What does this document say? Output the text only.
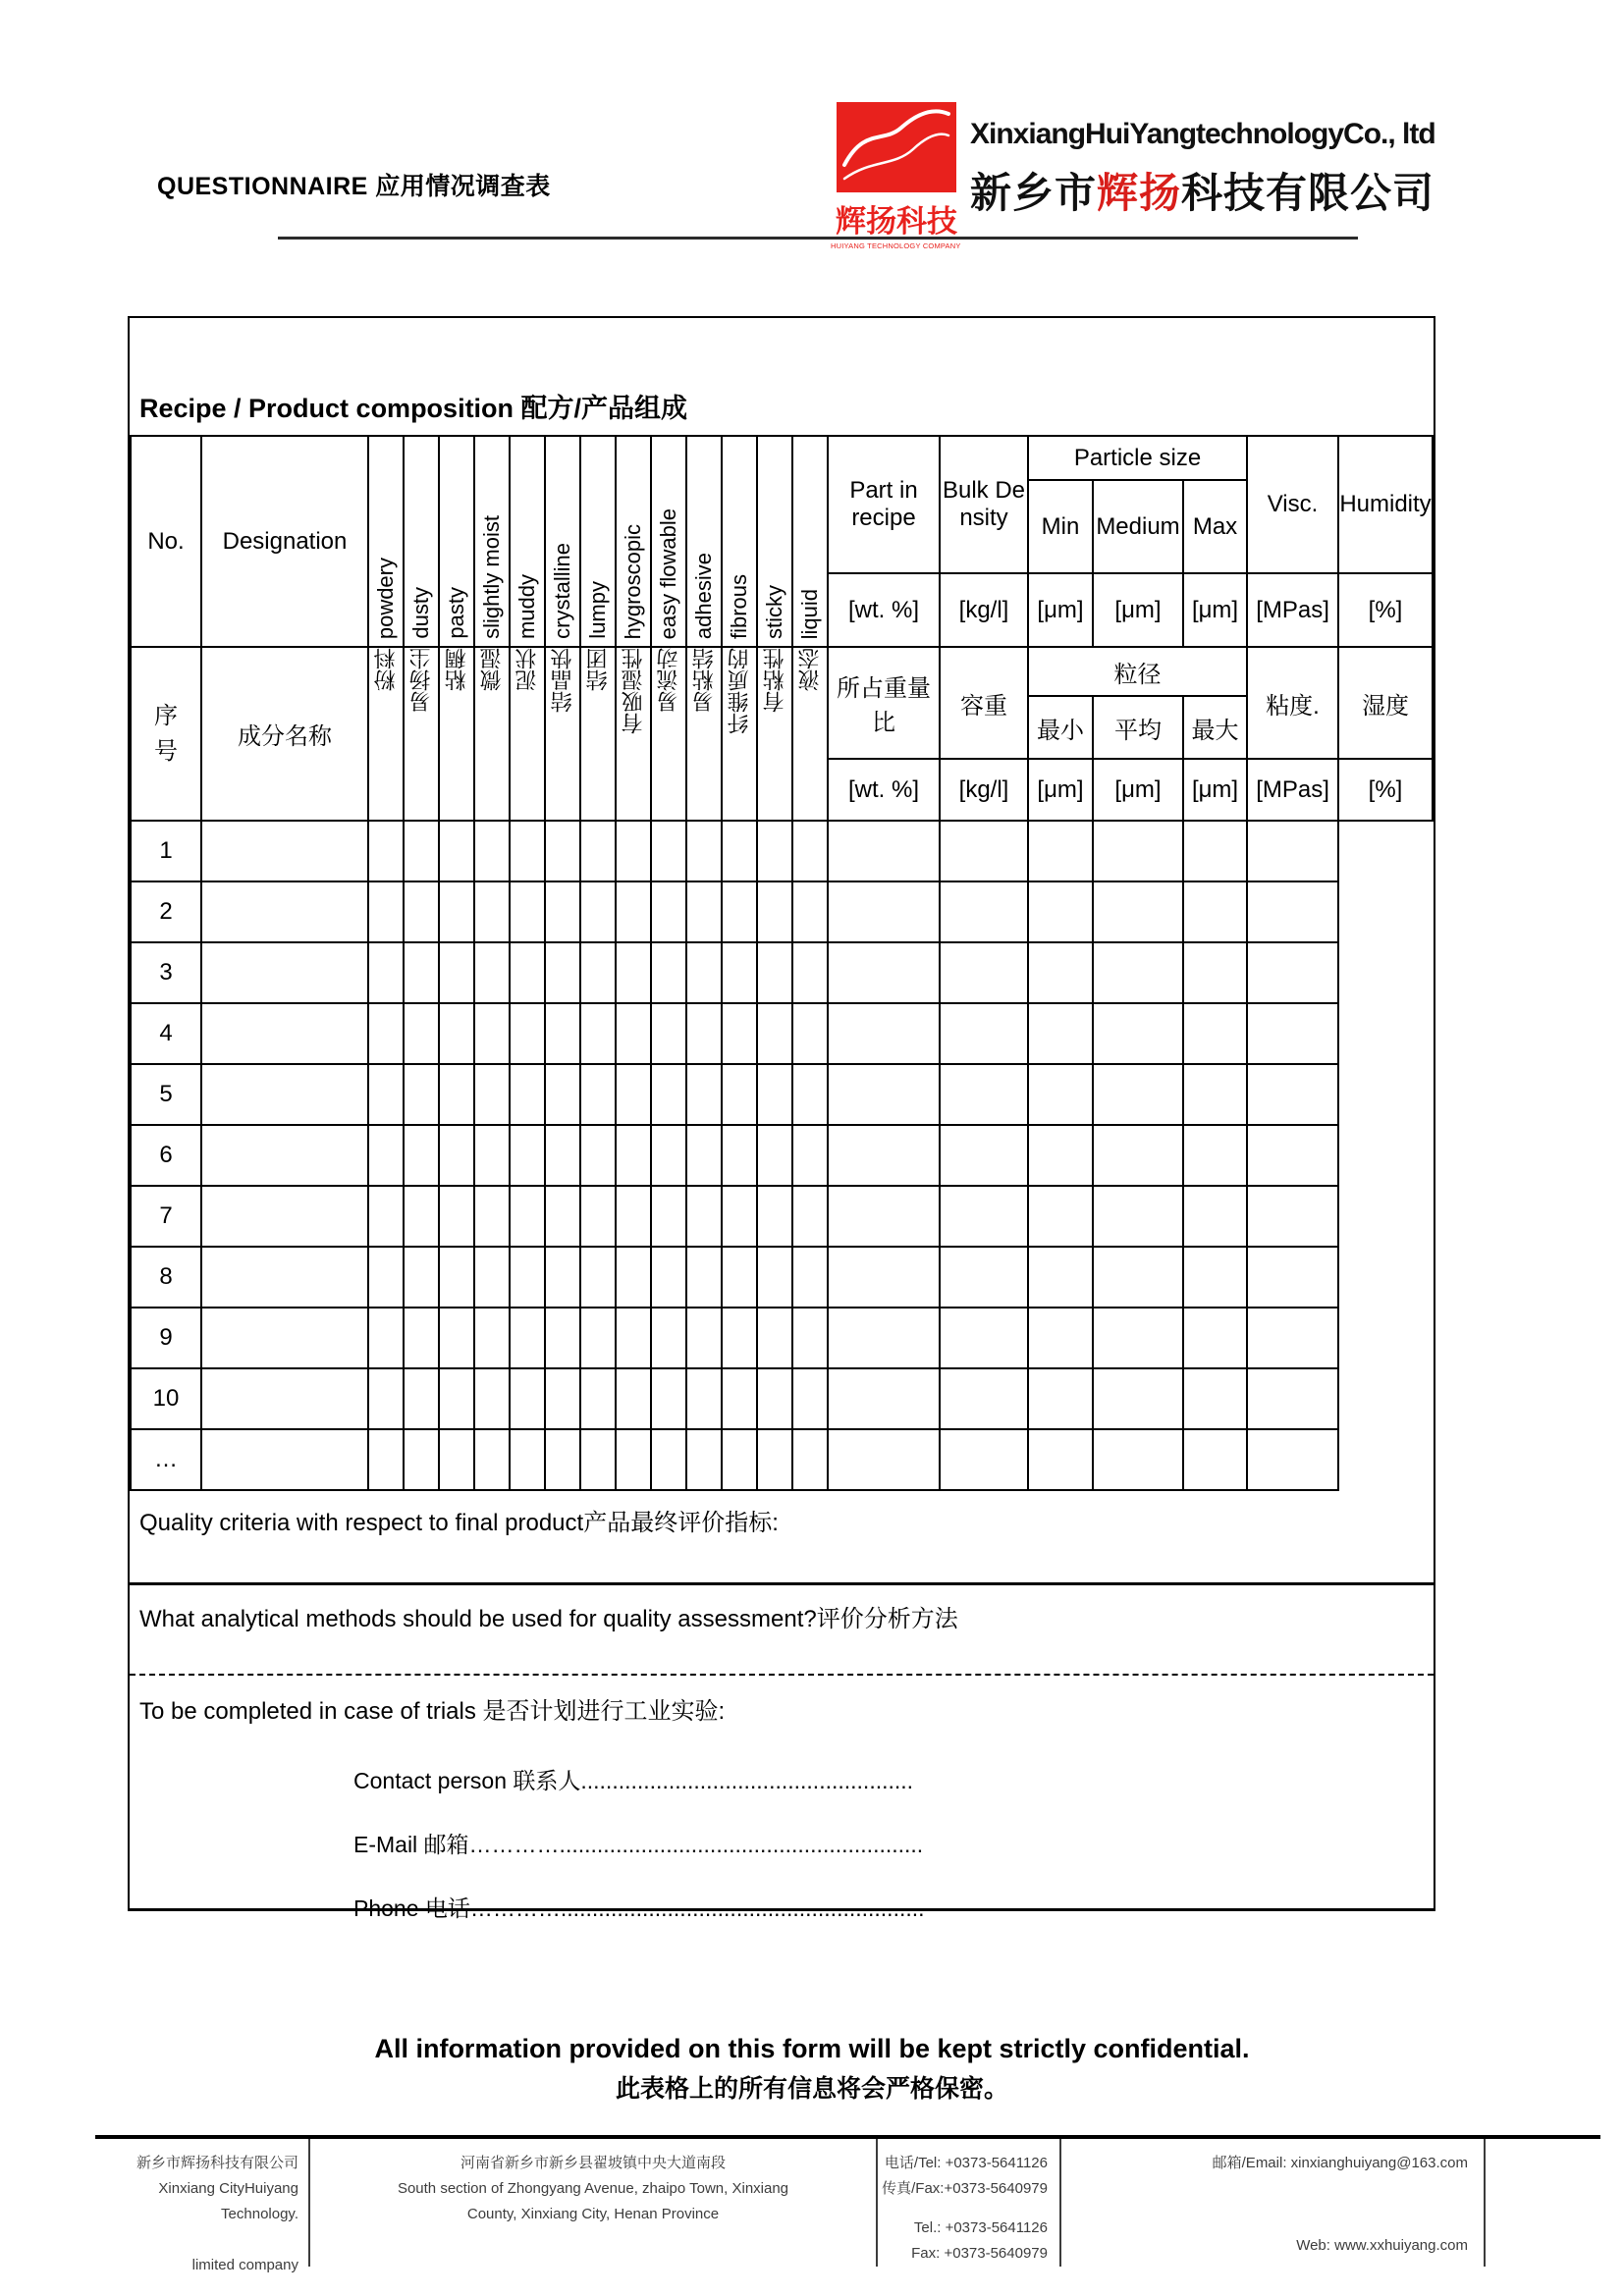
QUESTIONNAIRE 应用情况调查表
辉扬科技
HUIYANG TECHNOLOGY COMPANY
XinxiangHuiYangtechnologyCo., ltd
新乡市辉扬科技有限公司
Recipe / Product composition 配方/产品组成
No.	Designation	powdery	dusty	pasty	slightly moist	muddy	crystalline	lumpy	hygroscopic	easy flowable	adhesive	fibrous	sticky	liquid	Part in recipe	Bulk Density	Particle size			Visc.	Humidity
																	Min	Medium	Max		
															[wt. %]	[kg/l]	[μm]	[μm]	[μm]	[MPas]	[%]
序号	成分名称	粉料	易扬尘	粘稠	微湿	泥状	结晶快	结团	有吸湿性	易流动	易粘结	纤维质的	有粘性	液态	所占重量比	容重	粒径			粘度.	湿度
																	最小	平均	最大		
															[wt. %]	[kg/l]	[μm]	[μm]	[μm]	[MPas]	[%]
1																					
2																					
3																					
4																					
5																					
6																					
7																					
8																					
9																					
10																					
…																					
Quality criteria with respect to final product产品最终评价指标:
What analytical methods should be used for quality assessment?评价分析方法
To be completed in case of trials 是否计划进行工业实验:
Contact person 联系人.....................................................
E-Mail 邮箱…………..........................................................
Phone 电话…………..........................................................
All information provided on this form will be kept strictly confidential.
此表格上的所有信息将会严格保密。
新乡市辉扬科技有限公司
Xinxiang CityHuiyang Technology.
limited company
河南省新乡市新乡县翟坡镇中央大道南段
South section of Zhongyang Avenue, zhaipo Town, Xinxiang
County, Xinxiang City, Henan Province
电话/Tel: +0373-5641126
传真/Fax:+0373-5640979
Tel.: +0373-5641126
Fax: +0373-5640979
邮箱/Email: xinxianghuiyang@163.com
Web: www.xxhuiyang.com
